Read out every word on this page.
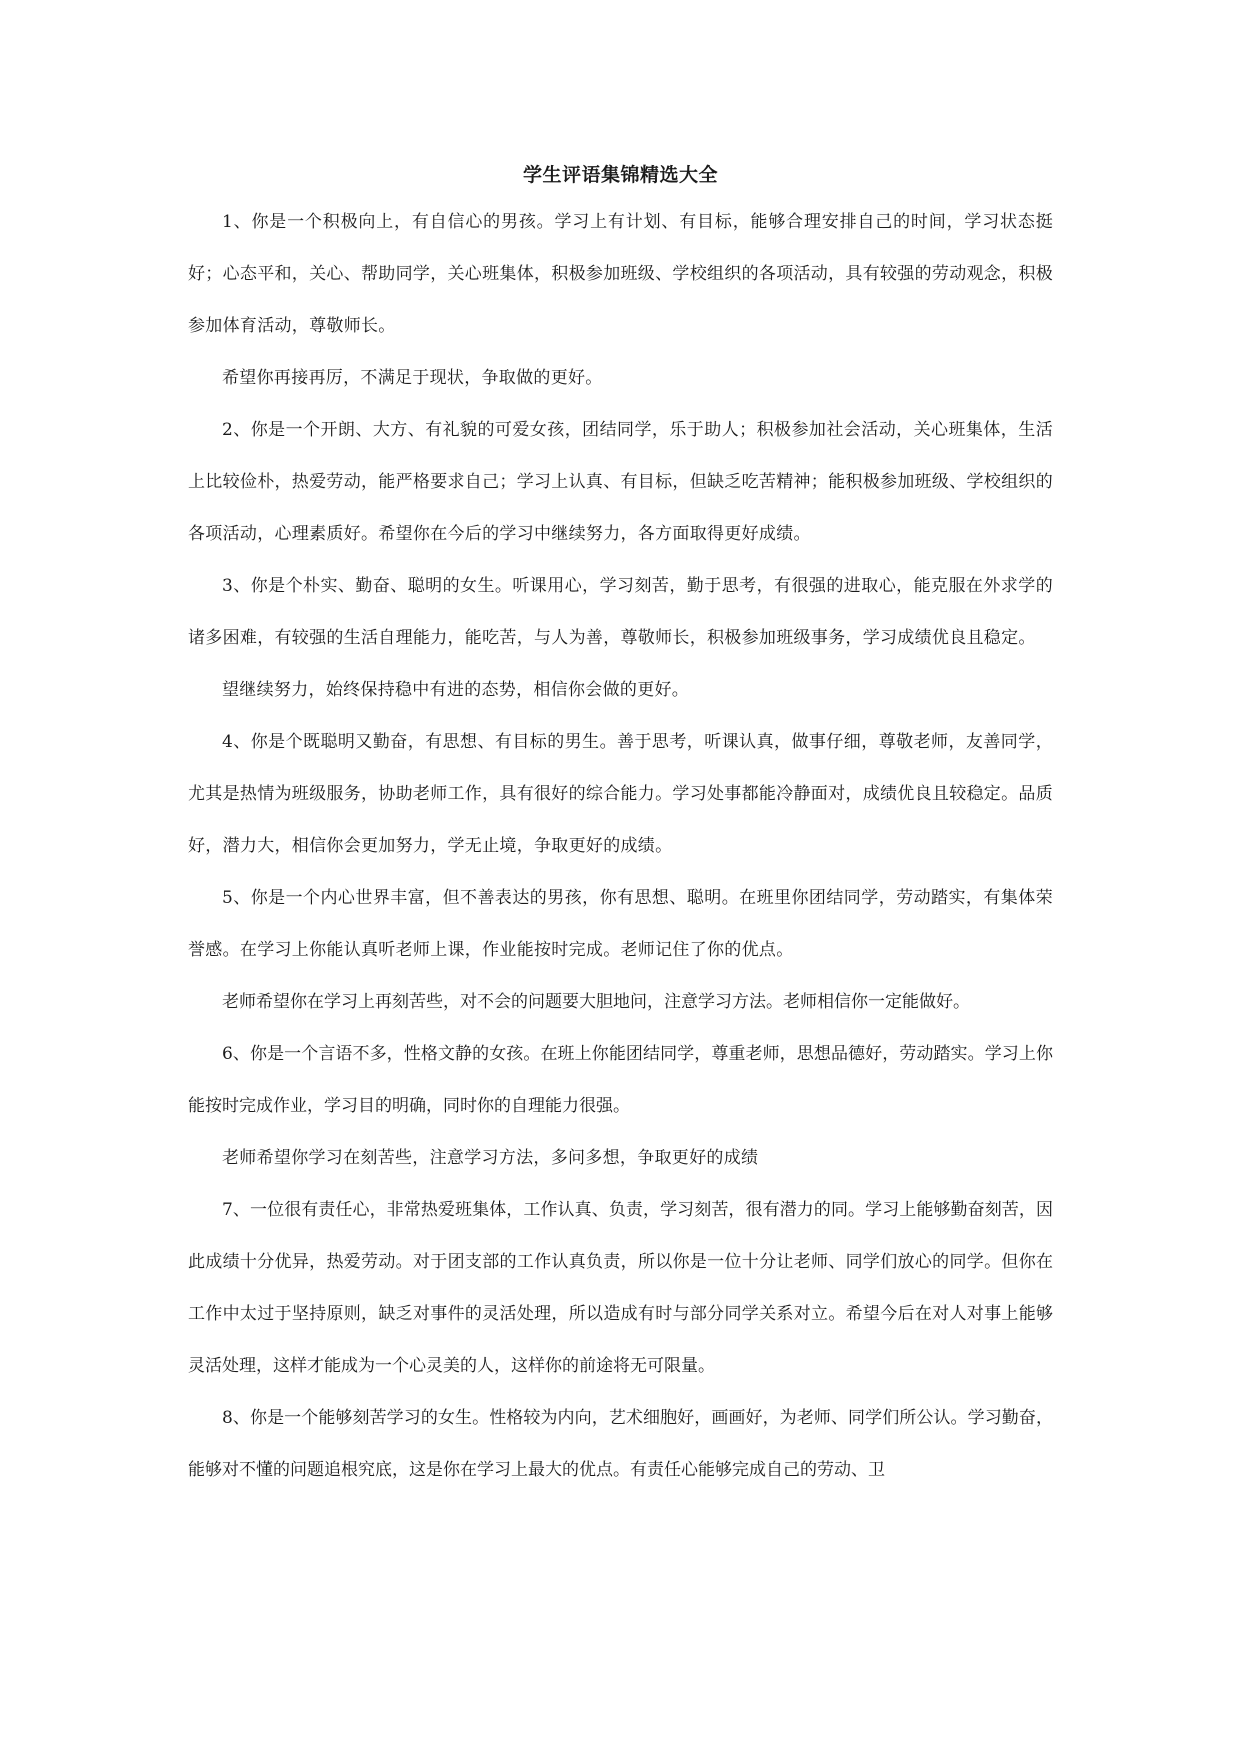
学生评语集锦精选大全

1、你是一个积极向上，有自信心的男孩。学习上有计划、有目标，能够合理安排自己的时间，学习状态挺好；心态平和，关心、帮助同学，关心班集体，积极参加班级、学校组织的各项活动，具有较强的劳动观念，积极参加体育活动，尊敬师长。

希望你再接再厉，不满足于现状，争取做的更好。

2、你是一个开朗、大方、有礼貌的可爱女孩，团结同学，乐于助人；积极参加社会活动，关心班集体，生活上比较俭朴，热爱劳动，能严格要求自己；学习上认真、有目标，但缺乏吃苦精神；能积极参加班级、学校组织的各项活动，心理素质好。希望你在今后的学习中继续努力，各方面取得更好成绩。

3、你是个朴实、勤奋、聪明的女生。听课用心，学习刻苦，勤于思考，有很强的进取心，能克服在外求学的诸多困难，有较强的生活自理能力，能吃苦，与人为善，尊敬师长，积极参加班级事务，学习成绩优良且稳定。

望继续努力，始终保持稳中有进的态势，相信你会做的更好。

4、你是个既聪明又勤奋，有思想、有目标的男生。善于思考，听课认真，做事仔细，尊敬老师，友善同学，尤其是热情为班级服务，协助老师工作，具有很好的综合能力。学习处事都能冷静面对，成绩优良且较稳定。品质好，潜力大，相信你会更加努力，学无止境，争取更好的成绩。

5、你是一个内心世界丰富，但不善表达的男孩，你有思想、聪明。在班里你团结同学，劳动踏实，有集体荣誉感。在学习上你能认真听老师上课，作业能按时完成。老师记住了你的优点。

老师希望你在学习上再刻苦些，对不会的问题要大胆地问，注意学习方法。老师相信你一定能做好。

6、你是一个言语不多，性格文静的女孩。在班上你能团结同学，尊重老师，思想品德好，劳动踏实。学习上你能按时完成作业，学习目的明确，同时你的自理能力很强。

老师希望你学习在刻苦些，注意学习方法，多问多想，争取更好的成绩

7、一位很有责任心，非常热爱班集体，工作认真、负责，学习刻苦，很有潜力的同。学习上能够勤奋刻苦，因此成绩十分优异，热爱劳动。对于团支部的工作认真负责，所以你是一位十分让老师、同学们放心的同学。但你在工作中太过于坚持原则，缺乏对事件的灵活处理，所以造成有时与部分同学关系对立。希望今后在对人对事上能够灵活处理，这样才能成为一个心灵美的人，这样你的前途将无可限量。

8、你是一个能够刻苦学习的女生。性格较为内向，艺术细胞好，画画好，为老师、同学们所公认。学习勤奋，能够对不懂的问题追根究底，这是你在学习上最大的优点。有责任心能够完成自己的劳动、卫
